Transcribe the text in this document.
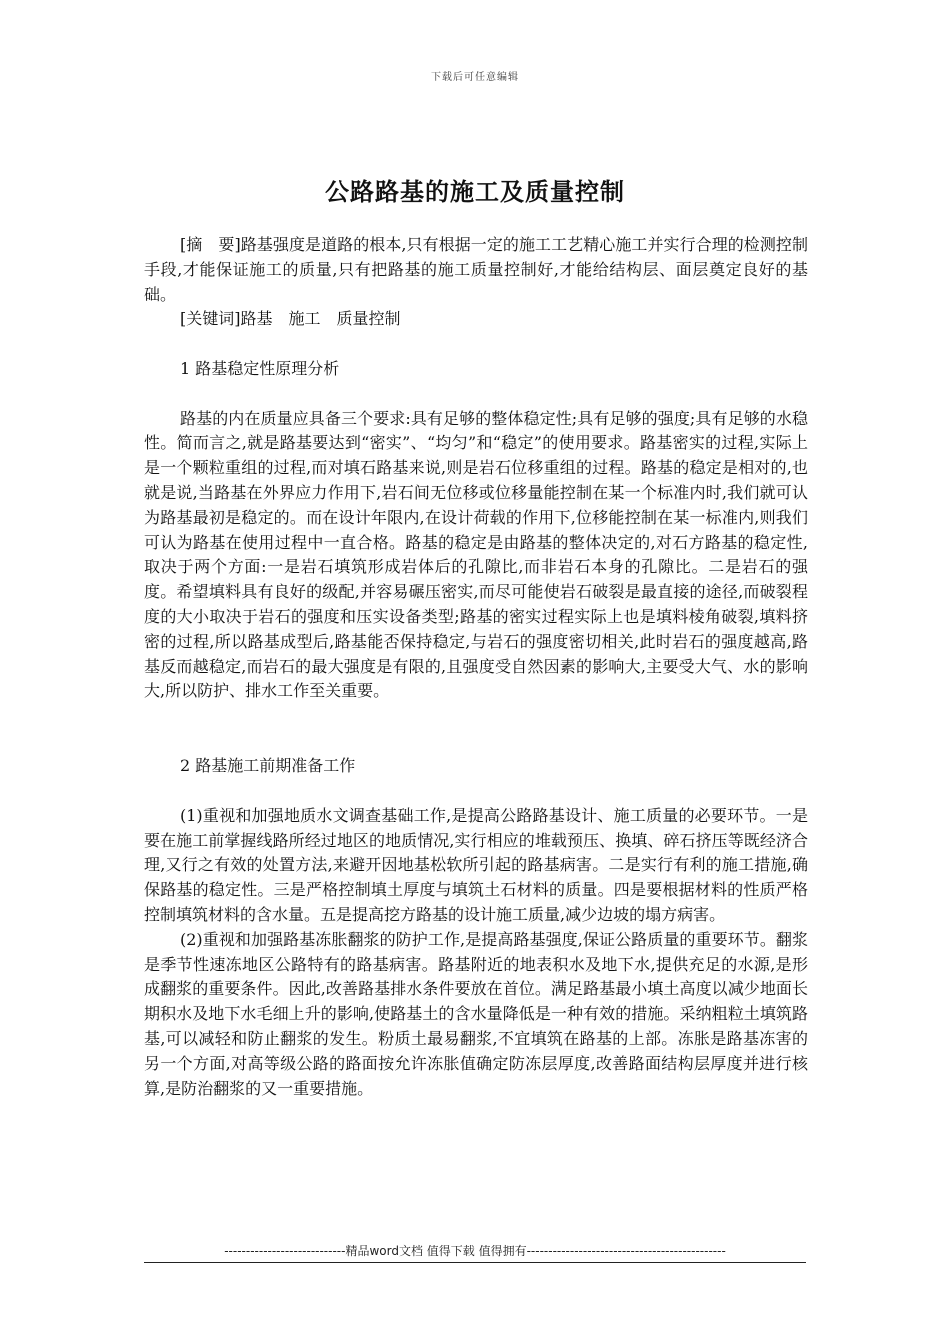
下载后可任意编辑
公路路基的施工及质量控制

[摘　要]路基强度是道路的根本,只有根据一定的施工工艺精心施工并实行合理的检测控制手段,才能保证施工的质量,只有把路基的施工质量控制好,才能给结构层、面层奠定良好的基础。

[关键词]路基　施工　质量控制

1 路基稳定性原理分析

路基的内在质量应具备三个要求:具有足够的整体稳定性;具有足够的强度;具有足够的水稳性。简而言之,就是路基要达到“密实”、“均匀”和“稳定”的使用要求。路基密实的过程,实际上是一个颗粒重组的过程,而对填石路基来说,则是岩石位移重组的过程。路基的稳定是相对的,也就是说,当路基在外界应力作用下,岩石间无位移或位移量能控制在某一个标准内时,我们就可认为路基最初是稳定的。而在设计年限内,在设计荷载的作用下,位移能控制在某一标准内,则我们可认为路基在使用过程中一直合格。路基的稳定是由路基的整体决定的,对石方路基的稳定性,取决于两个方面:一是岩石填筑形成岩体后的孔隙比,而非岩石本身的孔隙比。二是岩石的强度。希望填料具有良好的级配,并容易碾压密实,而尽可能使岩石破裂是最直接的途径,而破裂程度的大小取决于岩石的强度和压实设备类型;路基的密实过程实际上也是填料棱角破裂,填料挤密的过程,所以路基成型后,路基能否保持稳定,与岩石的强度密切相关,此时岩石的强度越高,路基反而越稳定,而岩石的最大强度是有限的,且强度受自然因素的影响大,主要受大气、水的影响大,所以防护、排水工作至关重要。

2 路基施工前期准备工作

(1)重视和加强地质水文调查基础工作,是提高公路路基设计、施工质量的必要环节。一是要在施工前掌握线路所经过地区的地质情况,实行相应的堆载预压、换填、碎石挤压等既经济合理,又行之有效的处置方法,来避开因地基松软所引起的路基病害。二是实行有利的施工措施,确保路基的稳定性。三是严格控制填土厚度与填筑土石材料的质量。四是要根据材料的性质严格控制填筑材料的含水量。五是提高挖方路基的设计施工质量,减少边坡的塌方病害。

(2)重视和加强路基冻胀翻浆的防护工作,是提高路基强度,保证公路质量的重要环节。翻浆是季节性速冻地区公路特有的路基病害。路基附近的地表积水及地下水,提供充足的水源,是形成翻浆的重要条件。因此,改善路基排水条件要放在首位。满足路基最小填土高度以减少地面长期积水及地下水毛细上升的影响,使路基土的含水量降低是一种有效的措施。采纳粗粒土填筑路基,可以减轻和防止翻浆的发生。粉质土最易翻浆,不宜填筑在路基的上部。冻胀是路基冻害的另一个方面,对高等级公路的路面按允许冻胀值确定防冻层厚度,改善路面结构层厚度并进行核算,是防治翻浆的又一重要措施。

----------------------------精品word文档 值得下载 值得拥有----------------------------------------------
